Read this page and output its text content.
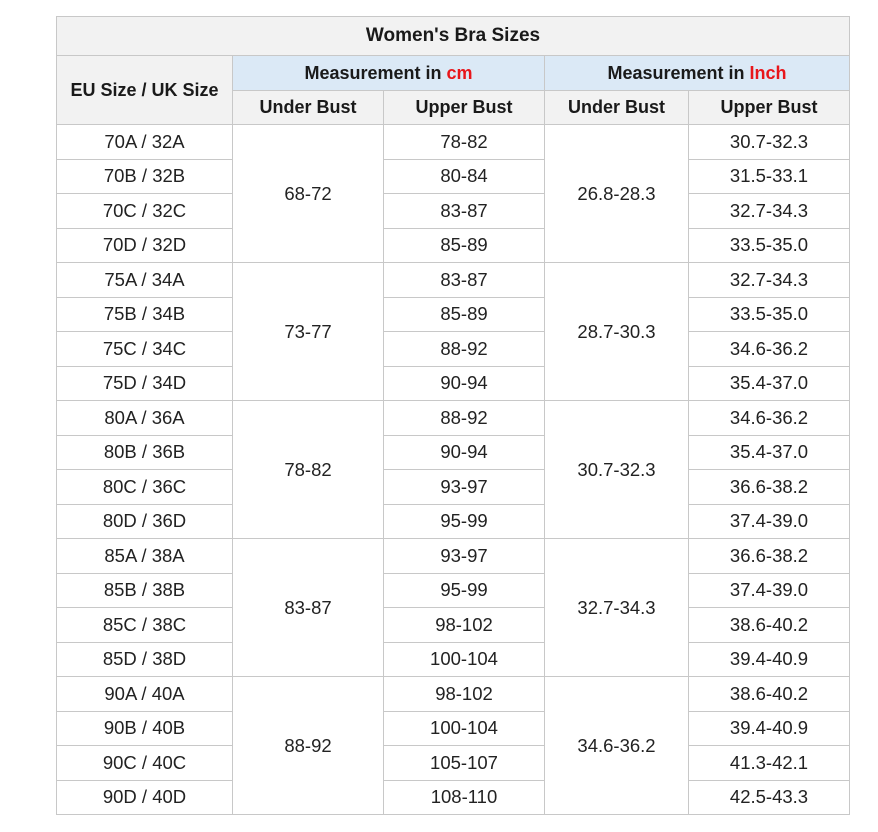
Women's Bra Sizes				
EU Size / UK Size	Measurement in cm		Measurement in Inch	
	Under Bust	Upper Bust	Under Bust	Upper Bust
70A / 32A	68-72	78-82	26.8-28.3	30.7-32.3
70B / 32B		80-84		31.5-33.1
70C / 32C		83-87		32.7-34.3
70D / 32D		85-89		33.5-35.0
75A / 34A	73-77	83-87	28.7-30.3	32.7-34.3
75B / 34B		85-89		33.5-35.0
75C / 34C		88-92		34.6-36.2
75D / 34D		90-94		35.4-37.0
80A / 36A	78-82	88-92	30.7-32.3	34.6-36.2
80B / 36B		90-94		35.4-37.0
80C / 36C		93-97		36.6-38.2
80D / 36D		95-99		37.4-39.0
85A / 38A	83-87	93-97	32.7-34.3	36.6-38.2
85B / 38B		95-99		37.4-39.0
85C / 38C		98-102		38.6-40.2
85D / 38D		100-104		39.4-40.9
90A / 40A	88-92	98-102	34.6-36.2	38.6-40.2
90B / 40B		100-104		39.4-40.9
90C / 40C		105-107		41.3-42.1
90D / 40D		108-110		42.5-43.3
